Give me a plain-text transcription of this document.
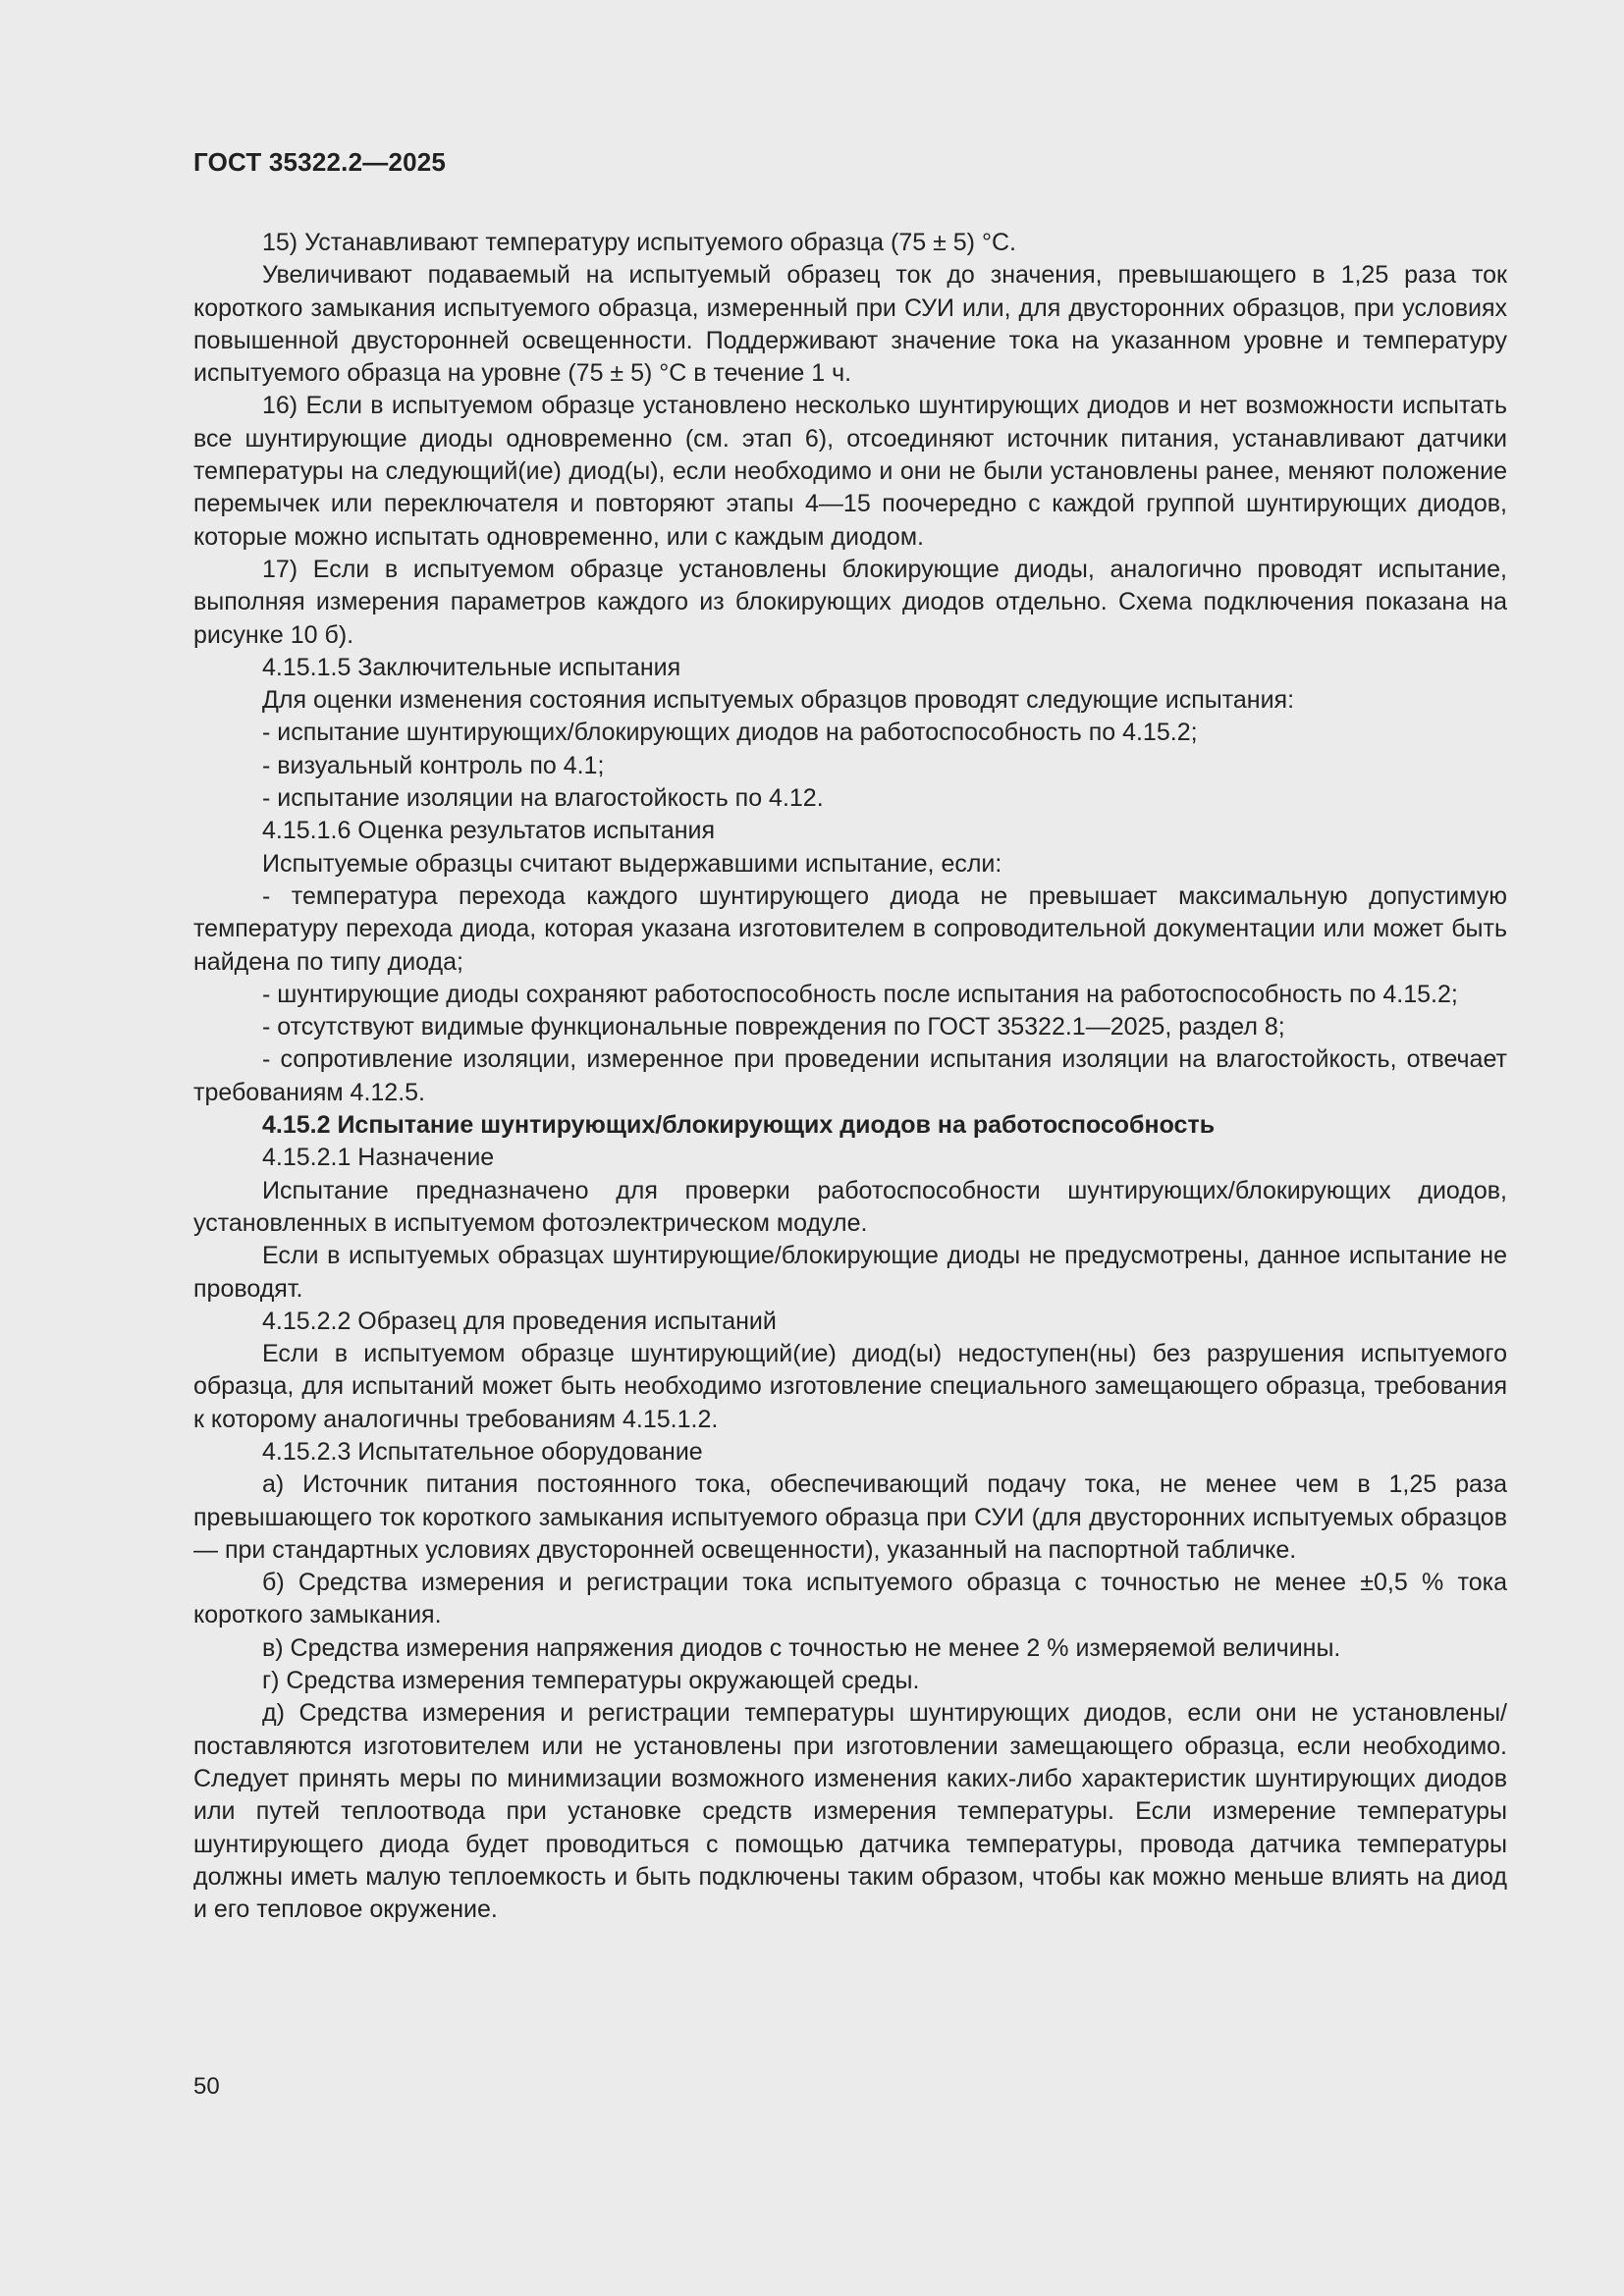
ГОСТ 35322.2—2025

15) Устанавливают температуру испытуемого образца (75 ± 5) °С.

Увеличивают подаваемый на испытуемый образец ток до значения, превышающего в 1,25 раза ток короткого замыкания испытуемого образца, измеренный при СУИ или, для двусторонних образцов, при условиях повышенной двусторонней освещенности. Поддерживают значение тока на указанном уровне и температуру испытуемого образца на уровне (75 ± 5) °С в течение 1 ч.

16) Если в испытуемом образце установлено несколько шунтирующих диодов и нет возможности испытать все шунтирующие диоды одновременно (см. этап 6), отсоединяют источник питания, устанавливают датчики температуры на следующий(ие) диод(ы), если необходимо и они не были установлены ранее, меняют положение перемычек или переключателя и повторяют этапы 4—15 поочередно с каждой группой шунтирующих диодов, которые можно испытать одновременно, или с каждым диодом.

17) Если в испытуемом образце установлены блокирующие диоды, аналогично проводят испытание, выполняя измерения параметров каждого из блокирующих диодов отдельно. Схема подключения показана на рисунке 10 б).

4.15.1.5 Заключительные испытания

Для оценки изменения состояния испытуемых образцов проводят следующие испытания:

- испытание шунтирующих/блокирующих диодов на работоспособность по 4.15.2;

- визуальный контроль по 4.1;

- испытание изоляции на влагостойкость по 4.12.

4.15.1.6 Оценка результатов испытания

Испытуемые образцы считают выдержавшими испытание, если:

- температура перехода каждого шунтирующего диода не превышает максимальную допустимую температуру перехода диода, которая указана изготовителем в сопроводительной документации или может быть найдена по типу диода;

- шунтирующие диоды сохраняют работоспособность после испытания на работоспособность по 4.15.2;

- отсутствуют видимые функциональные повреждения по ГОСТ 35322.1—2025, раздел 8;

- сопротивление изоляции, измеренное при проведении испытания изоляции на влагостойкость, отвечает требованиям 4.12.5.

4.15.2 Испытание шунтирующих/блокирующих диодов на работоспособность

4.15.2.1 Назначение

Испытание предназначено для проверки работоспособности шунтирующих/блокирующих диодов, установленных в испытуемом фотоэлектрическом модуле.

Если в испытуемых образцах шунтирующие/блокирующие диоды не предусмотрены, данное испытание не проводят.

4.15.2.2 Образец для проведения испытаний

Если в испытуемом образце шунтирующий(ие) диод(ы) недоступен(ны) без разрушения испытуемого образца, для испытаний может быть необходимо изготовление специального замещающего образца, требования к которому аналогичны требованиям 4.15.1.2.

4.15.2.3 Испытательное оборудование

а) Источник питания постоянного тока, обеспечивающий подачу тока, не менее чем в 1,25 раза превышающего ток короткого замыкания испытуемого образца при СУИ (для двусторонних испытуемых образцов — при стандартных условиях двусторонней освещенности), указанный на паспортной табличке.

б) Средства измерения и регистрации тока испытуемого образца с точностью не менее ±0,5 % тока короткого замыкания.

в) Средства измерения напряжения диодов с точностью не менее 2 % измеряемой величины.

г) Средства измерения температуры окружающей среды.

д) Средства измерения и регистрации температуры шунтирующих диодов, если они не установлены/поставляются изготовителем или не установлены при изготовлении замещающего образца, если необходимо. Следует принять меры по минимизации возможного изменения каких-либо характеристик шунтирующих диодов или путей теплоотвода при установке средств измерения температуры. Если измерение температуры шунтирующего диода будет проводиться с помощью датчика температуры, провода датчика температуры должны иметь малую теплоемкость и быть подключены таким образом, чтобы как можно меньше влиять на диод и его тепловое окружение.

50
